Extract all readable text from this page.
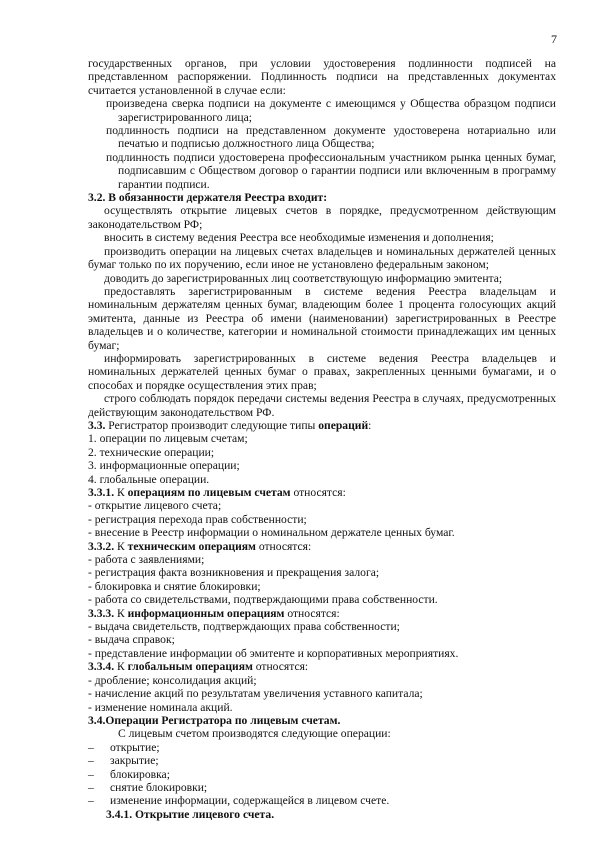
7

государственных органов, при условии удостоверения подлинности подписей на представленном распоряжении. Подлинность подписи на представленных документах считается установленной в случае если:

произведена сверка подписи на документе с имеющимся у Общества образцом подписи зарегистрированного лица;

подлинность подписи на представленном документе удостоверена нотариально или печатью и подписью должностного лица Общества;

подлинность подписи удостоверена профессиональным участником рынка ценных бумаг, подписавшим с Обществом договор о гарантии подписи или включенным в программу гарантии подписи.

3.2. В обязанности держателя Реестра входит:

осуществлять открытие лицевых счетов в порядке, предусмотренном действующим законодательством РФ;

вносить в систему ведения Реестра все необходимые изменения и дополнения;

производить операции на лицевых счетах владельцев и номинальных держателей ценных бумаг только по их поручению, если иное не установлено федеральным законом;

доводить до зарегистрированных лиц соответствующую информацию эмитента;

предоставлять зарегистрированным в системе ведения Реестра владельцам и номинальным держателям ценных бумаг, владеющим более 1 процента голосующих акций эмитента, данные из Реестра об имени (наименовании) зарегистрированных в Реестре владельцев и о количестве, категории и номинальной стоимости принадлежащих им ценных бумаг;

информировать зарегистрированных в системе ведения Реестра владельцев и номинальных держателей ценных бумаг о правах, закрепленных ценными бумагами, и о способах и порядке осуществления этих прав;

строго соблюдать порядок передачи системы ведения Реестра в случаях, предусмотренных действующим законодательством РФ.

3.3. Регистратор производит следующие типы операций:

1. операции по лицевым счетам;

2. технические операции;

3. информационные операции;

4. глобальные операции.

3.3.1. К операциям по лицевым счетам относятся:

- открытие лицевого счета;

- регистрация перехода прав собственности;

- внесение в Реестр информации о номинальном держателе ценных бумаг.

3.3.2. К техническим операциям относятся:

- работа с заявлениями;

- регистрация факта возникновения и прекращения залога;

- блокировка и снятие блокировки;

- работа со свидетельствами, подтверждающими права собственности.

3.3.3. К информационным операциям относятся:

- выдача свидетельств, подтверждающих права собственности;

- выдача справок;

- представление информации об эмитенте и корпоративных мероприятиях.

3.3.4. К глобальным операциям относятся:

- дробление; консолидация акций;

- начисление акций по результатам увеличения уставного капитала;

- изменение номинала акций.

3.4.Операции Регистратора по лицевым счетам.

С лицевым счетом производятся следующие операции:

–	открытие;
–	закрытие;
–	блокировка;
–	снятие блокировки;
–	изменение информации, содержащейся в лицевом счете.

3.4.1. Открытие лицевого счета.
